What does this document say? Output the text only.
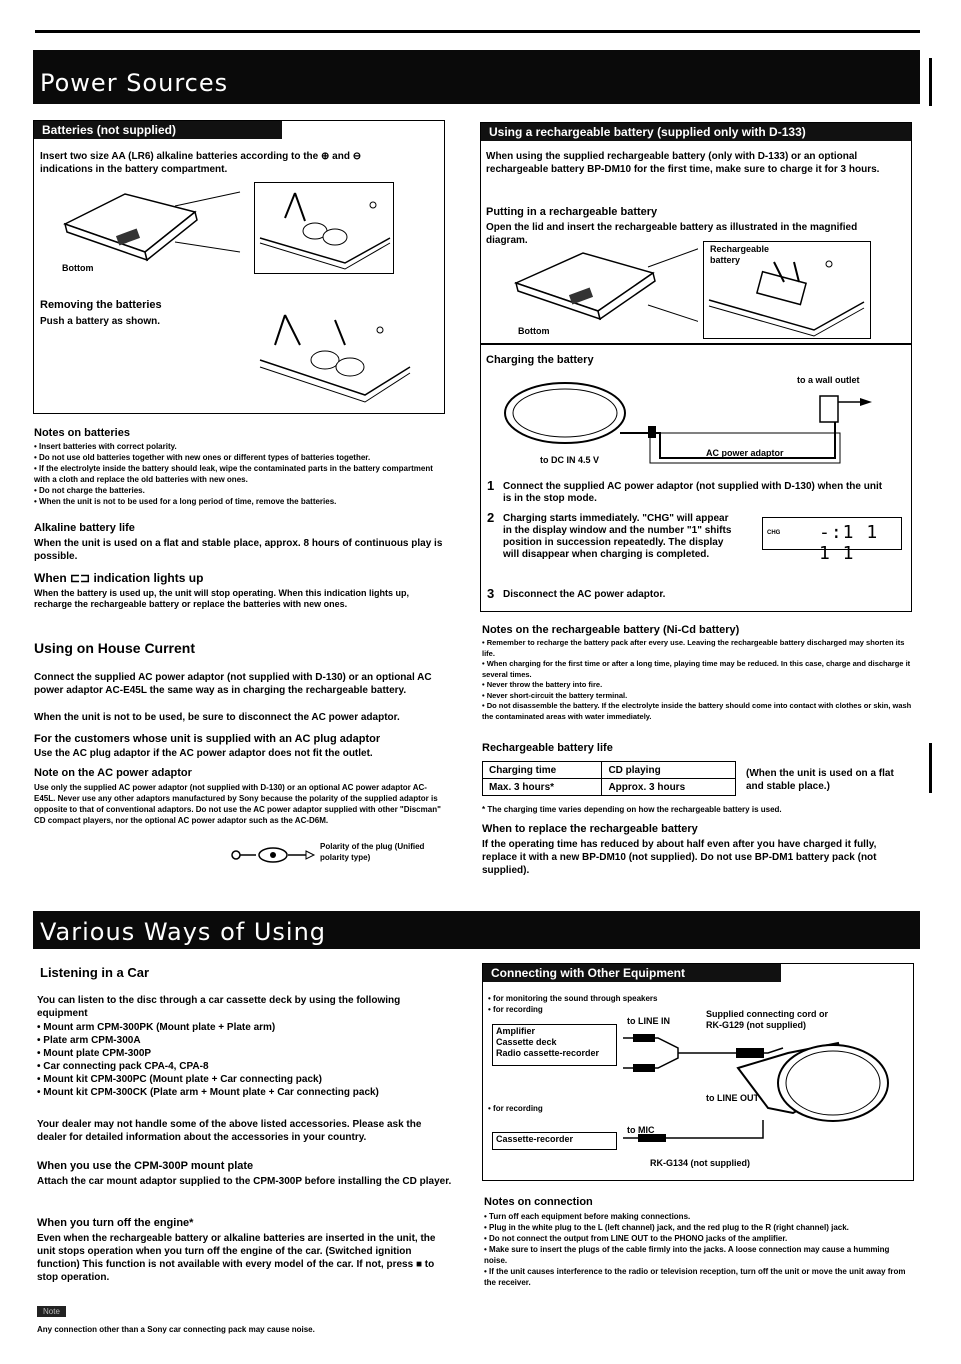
Power Sources
Batteries (not supplied)
Insert two size AA (LR6) alkaline batteries according to the ⊕ and ⊖ indications in the battery compartment.
Bottom
Removing the batteries
Push a battery as shown.
Notes on batteries
• Insert batteries with correct polarity.
• Do not use old batteries together with new ones or different types of batteries together.
• If the electrolyte inside the battery should leak, wipe the contaminated parts in the battery compartment with a cloth and replace the old batteries with new ones.
• Do not charge the batteries.
• When the unit is not to be used for a long period of time, remove the batteries.
Alkaline battery life
When the unit is used on a flat and stable place, approx. 8 hours of continuous play is possible.
When ⊏⊐ indication lights up
When the battery is used up, the unit will stop operating. When this indication lights up, recharge the rechargeable battery or replace the batteries with new ones.
Using on House Current
Connect the supplied AC power adaptor (not supplied with D-130) or an optional AC power adaptor AC-E45L the same way as in charging the rechargeable battery.
When the unit is not to be used, be sure to disconnect the AC power adaptor.
For the customers whose unit is supplied with an AC plug adaptor
Use the AC plug adaptor if the AC power adaptor does not fit the outlet.
Note on the AC power adaptor
Use only the supplied AC power adaptor (not supplied with D-130) or an optional AC power adaptor AC-E45L. Never use any other adaptors manufactured by Sony because the polarity of the supplied adaptor is opposite to that of conventional adaptors. Do not use the AC power adaptor supplied with other "Discman" CD compact players, nor the optional AC power adaptor such as the AC-D6M.
Polarity of the plug (Unified polarity type)
Using a rechargeable battery (supplied only with D-133)
When using the supplied rechargeable battery (only with D-133) or an optional rechargeable battery BP-DM10 for the first time, make sure to charge it for 3 hours.
Putting in a rechargeable battery
Open the lid and insert the rechargeable battery as illustrated in the magnified diagram.
Bottom
Rechargeable battery
Charging the battery
to a wall outlet
to DC IN 4.5 V
AC power adaptor
1 Connect the supplied AC power adaptor (not supplied with D-130) when the unit is in the stop mode.
2 Charging starts immediately. "CHG" will appear in the display window and the number "1" shifts position in succession repeatedly. The display will disappear when charging is completed.
3 Disconnect the AC power adaptor.
CHG -:1 1 1 1
Notes on the rechargeable battery (Ni-Cd battery)
• Remember to recharge the battery pack after every use. Leaving the rechargeable battery discharged may shorten its life.
• When charging for the first time or after a long time, playing time may be reduced. In this case, charge and discharge it several times.
• Never throw the battery into fire.
• Never short-circuit the battery terminal.
• Do not disassemble the battery. If the electrolyte inside the battery should come into contact with clothes or skin, wash the contaminated areas with water immediately.
Rechargeable battery life
Charging time	CD playing
Max. 3 hours*	Approx. 3 hours
(When the unit is used on a flat and stable place.)
* The charging time varies depending on how the rechargeable battery is used.
When to replace the rechargeable battery
If the operating time has reduced by about half even after you have charged it fully, replace it with a new BP-DM10 (not supplied). Do not use BP-DM1 battery pack (not supplied).
Various Ways of Using
Listening in a Car
You can listen to the disc through a car cassette deck by using the following equipment
• Mount arm CPM-300PK (Mount plate + Plate arm)
• Plate arm CPM-300A
• Mount plate CPM-300P
• Car connecting pack CPA-4, CPA-8
• Mount kit CPM-300PC (Mount plate + Car connecting pack)
• Mount kit CPM-300CK (Plate arm + Mount plate + Car connecting pack)
Your dealer may not handle some of the above listed accessories. Please ask the dealer for detailed information about the accessories in your country.
When you use the CPM-300P mount plate
Attach the car mount adaptor supplied to the CPM-300P before installing the CD player.
When you turn off the engine*
Even when the rechargeable battery or alkaline batteries are inserted in the unit, the unit stops operation when you turn off the engine of the car. (Switched ignition function) This function is not available with every model of the car. If not, press ■ to stop operation.
Note
Any connection other than a Sony car connecting pack may cause noise.
Connecting with Other Equipment
• for monitoring the sound through speakers
• for recording
Amplifier
Cassette deck
Radio cassette-recorder
to LINE IN
Supplied connecting cord or RK-G129 (not supplied)
to LINE OUT
• for recording
Cassette-recorder
to MIC
RK-G134 (not supplied)
Notes on connection
• Turn off each equipment before making connections.
• Plug in the white plug to the L (left channel) jack, and the red plug to the R (right channel) jack.
• Do not connect the output from LINE OUT to the PHONO jacks of the amplifier.
• Make sure to insert the plugs of the cable firmly into the jacks. A loose connection may cause a humming noise.
• If the unit causes interference to the radio or television reception, turn off the unit or move the unit away from the receiver.
